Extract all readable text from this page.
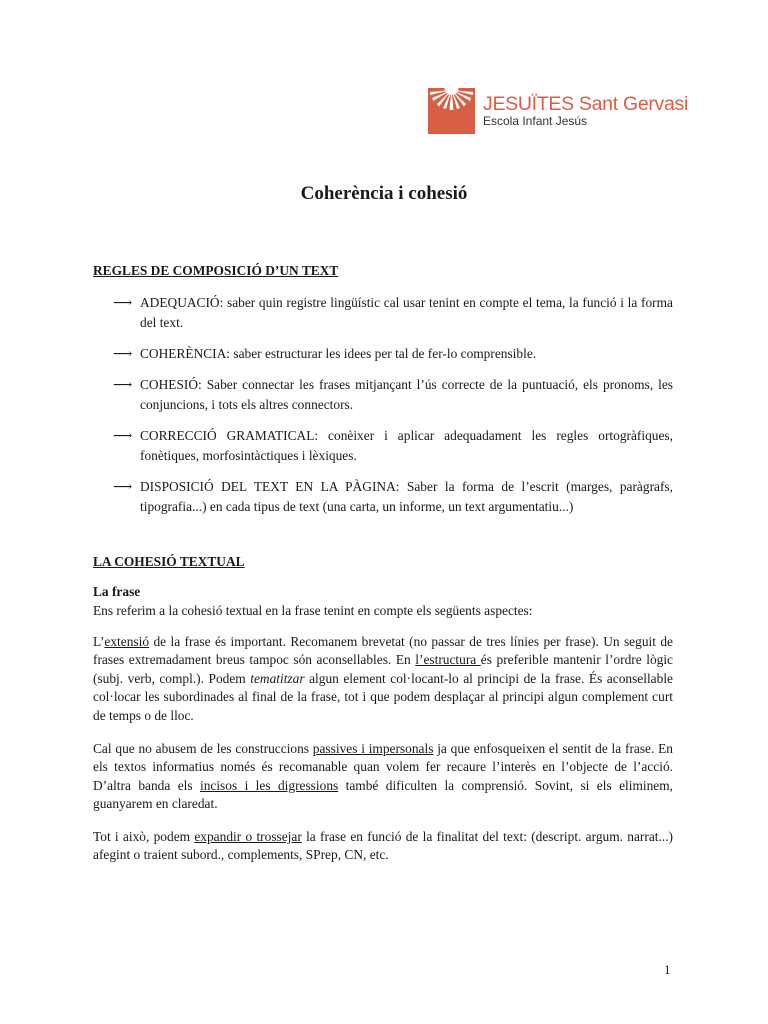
JESUÏTES Sant Gervasi
Escola Infant Jesús
Coherència i cohesió
REGLES DE COMPOSICIÓ D’UN TEXT
⟶ ADEQUACIÓ: saber quin registre lingüístic cal usar tenint en compte el tema, la funció i la forma del text.
⟶ COHERÈNCIA: saber estructurar les idees per tal de fer-lo comprensible.
⟶ COHESIÓ: Saber connectar les frases mitjançant l’ús correcte de la puntuació, els pronoms, les conjuncions, i tots els altres connectors.
⟶ CORRECCIÓ GRAMATICAL: conèixer i aplicar adequadament les regles ortogràfiques, fonètiques, morfosintàctiques i lèxiques.
⟶ DISPOSICIÓ DEL TEXT EN LA PÀGINA: Saber la forma de l’escrit (marges, paràgrafs, tipografia...) en cada tipus de text (una carta, un informe, un text argumentatiu...)
LA COHESIÓ TEXTUAL
La frase
Ens referim a la cohesió textual en la frase tenint en compte els següents aspectes:
L’extensió de la frase és important. Recomanem brevetat (no passar de tres línies per frase). Un seguit de frases extremadament breus tampoc són aconsellables. En l’estructura és preferible mantenir l’ordre lògic (subj. verb, compl.). Podem tematitzar algun element col·locant-lo al principi de la frase. És aconsellable col·locar les subordinades al final de la frase, tot i que podem desplaçar al principi algun complement curt de temps o de lloc.
Cal que no abusem de les construccions passives i impersonals ja que enfosqueixen el sentit de la frase. En els textos informatius només és recomanable quan volem fer recaure l’interès en l’objecte de l’acció. D’altra banda els incisos i les digressions també dificulten la comprensió. Sovint, si els eliminem, guanyarem en claredat.
Tot i això, podem expandir o trossejar la frase en funció de la finalitat del text: (descript. argum. narrat...) afegint o traient subord., complements, SPrep, CN, etc.
1
